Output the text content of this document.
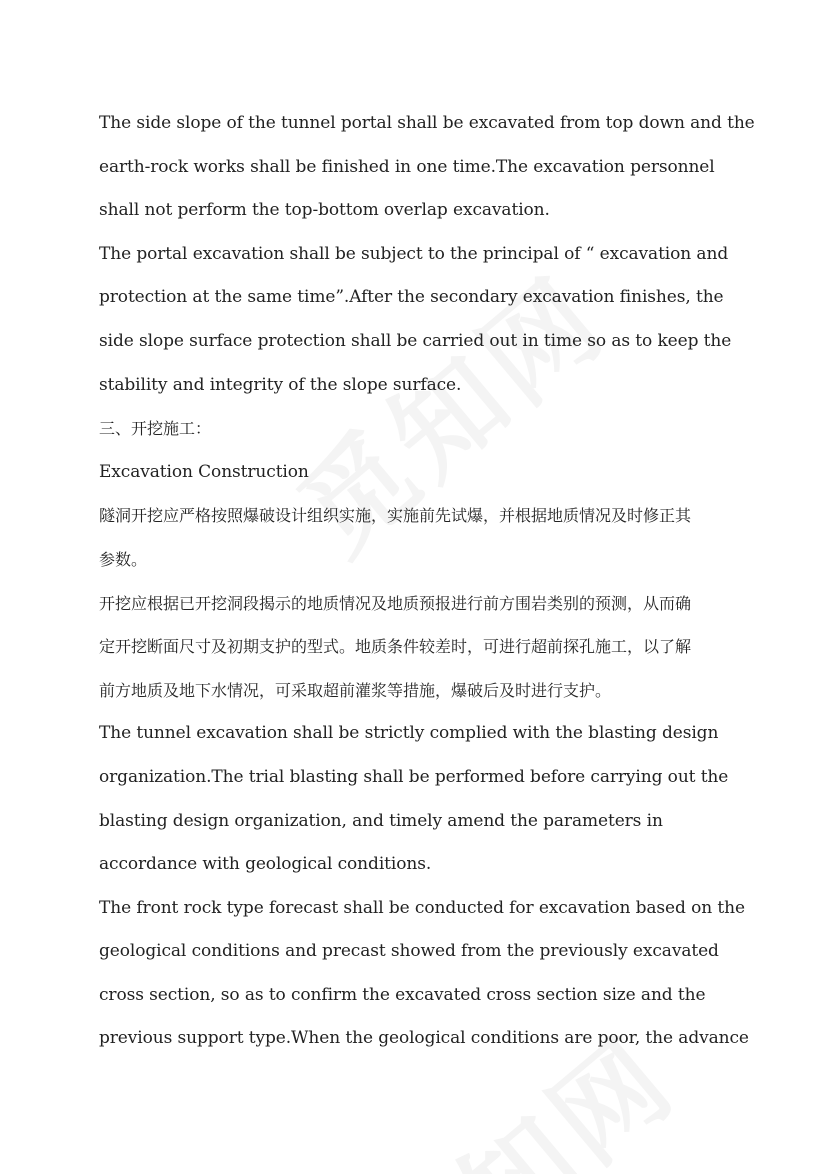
The side slope of the tunnel portal shall be excavated from top down and the
earth-rock works shall be finished in one time.The excavation personnel
shall not perform the top-bottom overlap excavation.
The portal excavation shall be subject to the principal of “ excavation and
protection at the same time”.After the secondary excavation finishes, the
side slope surface protection shall be carried out in time so as to keep the
stability and integrity of the slope surface.
三、开挖施工：
Excavation Construction
隧洞开挖应严格按照爆破设计组织实施，实施前先试爆，并根据地质情况及时修正其
参数。
开挖应根据已开挖洞段揭示的地质情况及地质预报进行前方围岩类别的预测，从而确
定开挖断面尺寸及初期支护的型式。地质条件较差时，可进行超前探孔施工，以了解
前方地质及地下水情况，可采取超前灌浆等措施，爆破后及时进行支护。
The tunnel excavation shall be strictly complied with the blasting design
organization.The trial blasting shall be performed before carrying out the
blasting design organization, and timely amend the parameters in
accordance with geological conditions.
The front rock type forecast shall be conducted for excavation based on the
geological conditions and precast showed from the previously excavated
cross section, so as to confirm the excavated cross section size and the
previous support type.When the geological conditions are poor, the advance
